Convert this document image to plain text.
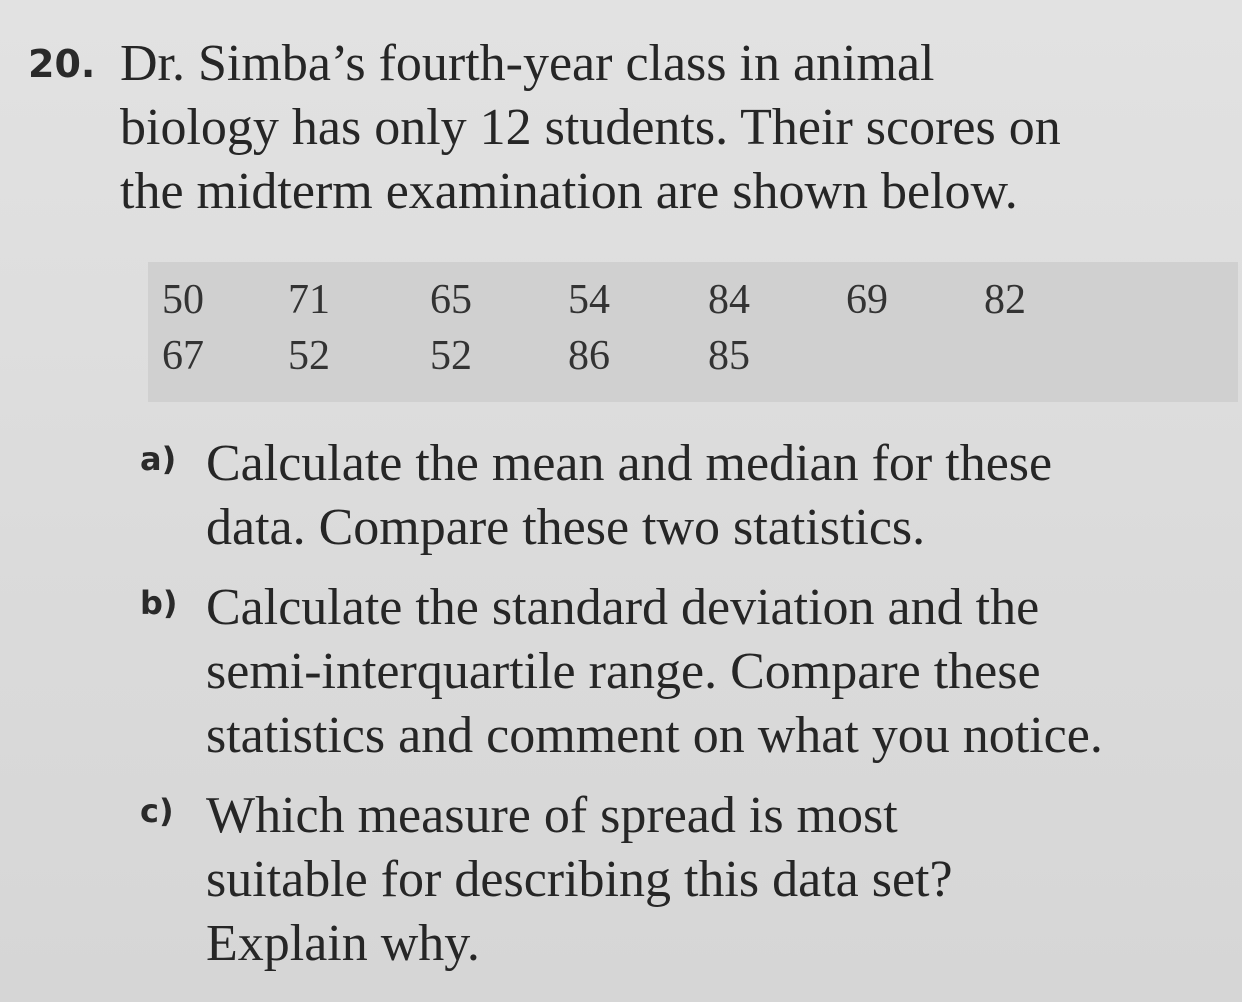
20. Dr. Simba’s fourth-year class in animal
biology has only 12 students. Their scores on
the midterm examination are shown below.

50	71	65	54	84	69	82
67	52	52	86	85
a) Calculate the mean and median for these
data. Compare these two statistics.

b) Calculate the standard deviation and the
semi-interquartile range. Compare these
statistics and comment on what you notice.

c) Which measure of spread is most
suitable for describing this data set?
Explain why.
